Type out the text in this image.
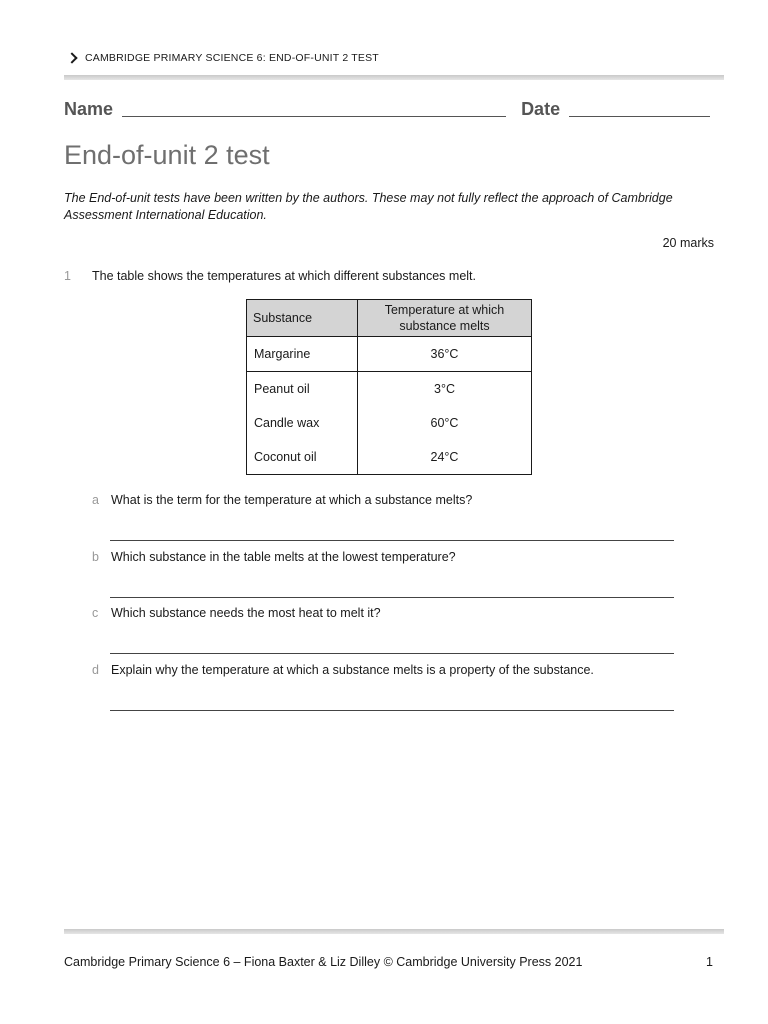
CAMBRIDGE PRIMARY SCIENCE 6: END-OF-UNIT 2 TEST
Name	Date
End-of-unit 2 test
The End-of-unit tests have been written by the authors. These may not fully reflect the approach of Cambridge Assessment International Education.
20 marks
1 The table shows the temperatures at which different substances melt.
Substance	Temperature at which substance melts
Margarine	36°C
Peanut oil	3°C
Candle wax	60°C
Coconut oil	24°C
a What is the term for the temperature at which a substance melts?
b Which substance in the table melts at the lowest temperature?
c Which substance needs the most heat to melt it?
d Explain why the temperature at which a substance melts is a property of the substance.
Cambridge Primary Science 6 – Fiona Baxter & Liz Dilley © Cambridge University Press 2021	1
